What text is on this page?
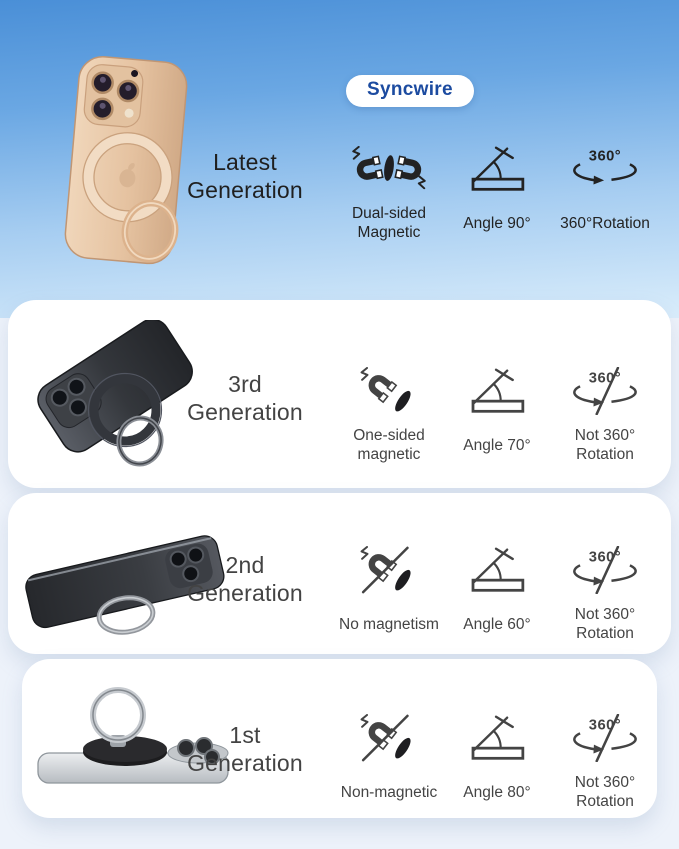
Syncwire
Latest
Generation
Dual-sided
Magnetic
Angle 90°
360°
360°Rotation
3rd
Generation
One-sided
magnetic
Angle 70°
360°
Not 360°
Rotation
2nd
Generation
No magnetism Angle 60°
360°
Not 360°
Rotation
1st
Generation
Non-magnetic Angle 80°
360°
Not 360°
Rotation
